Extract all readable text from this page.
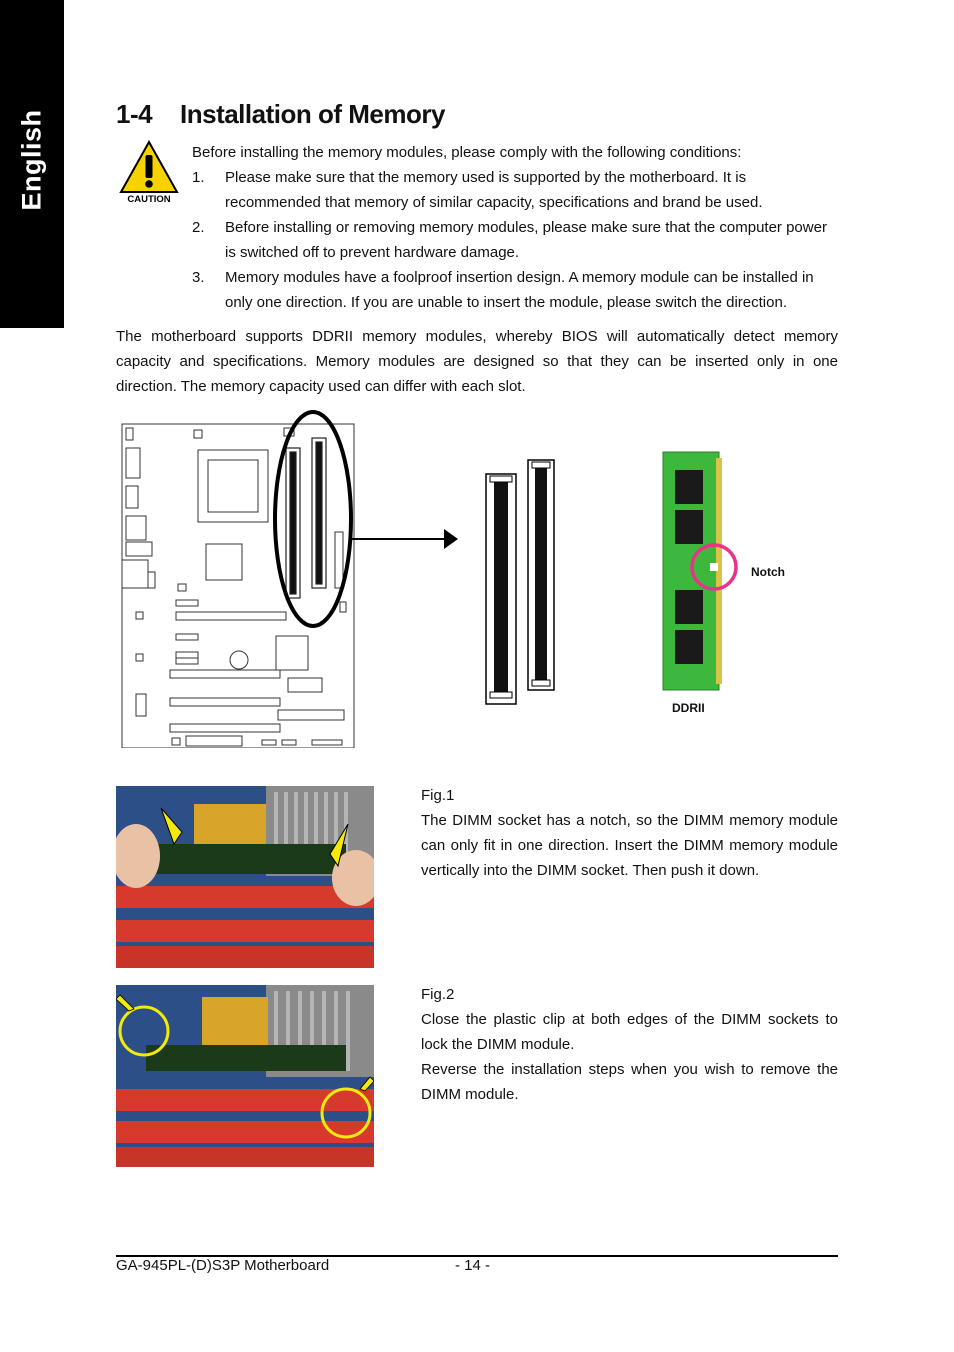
English	1-4 Installation of Memory
CAUTION
Before installing the memory modules, please comply with the following conditions:
1.	Please make sure that the memory used is supported by the motherboard. It is recommended that memory of similar capacity, specifications and brand be used.
2.	Before installing or removing memory modules, please make sure that the computer power is switched off to prevent hardware damage.
3.	Memory modules have a foolproof insertion design. A memory module can be installed in only one direction. If you are unable to insert the module, please switch the direction.
The motherboard supports DDRII memory modules, whereby BIOS will automatically detect memory capacity and specifications. Memory modules are designed so that they can be inserted only in one direction. The memory capacity used can differ with each slot.
Notch
DDRII
Fig.1
The DIMM socket has a notch, so the DIMM memory module can only fit in one direction. Insert the DIMM memory module vertically into the DIMM socket. Then push it down.
Fig.2
Close the plastic clip at both edges of the DIMM sockets to lock the DIMM module.
Reverse the installation steps when you wish to remove the DIMM module.
GA-945PL-(D)S3P Motherboard	- 14 -
